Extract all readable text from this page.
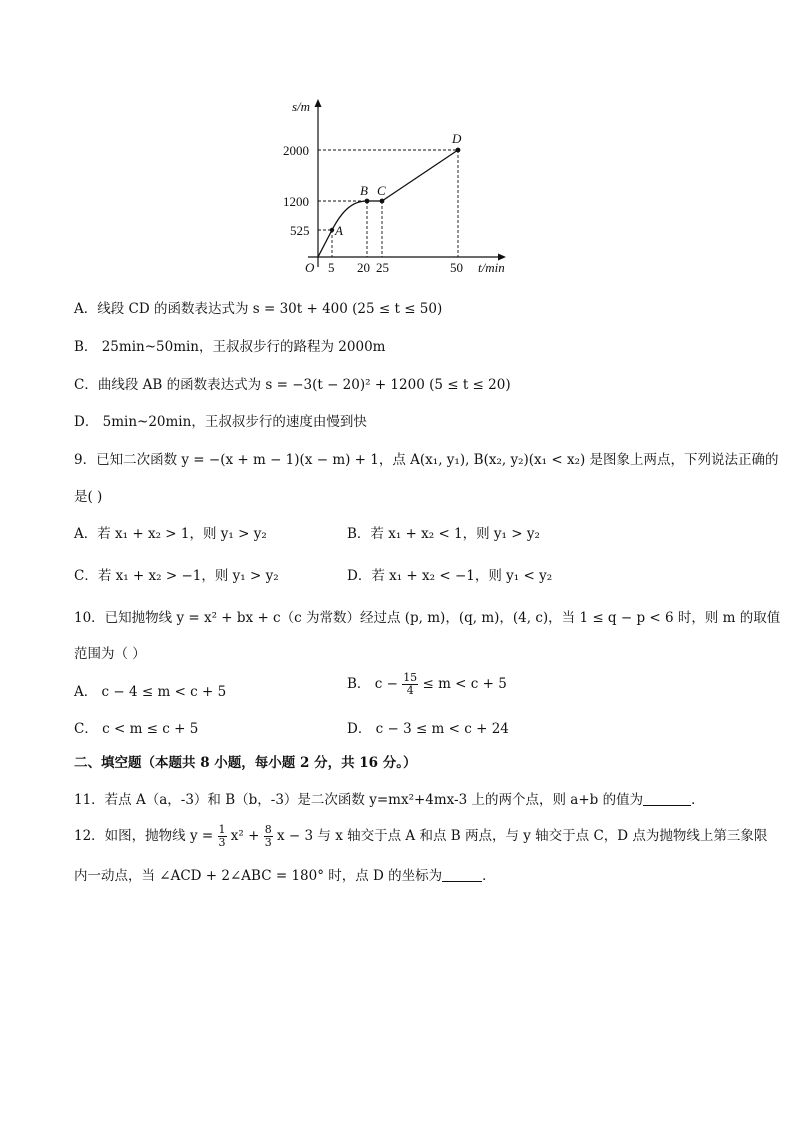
s/m
2000
1200
525
O 5 20 25	50 t/min
A
B C
D
A．线段 CD 的函数表达式为 s = 30t + 400 (25 ≤ t ≤ 50)
B． 25min~50min，王叔叔步行的路程为 2000m
C．曲线段 AB 的函数表达式为 s = −3(t − 20)² + 1200 (5 ≤ t ≤ 20)
D． 5min~20min，王叔叔步行的速度由慢到快
9．已知二次函数 y = −(x + m − 1)(x − m) + 1，点 A(x₁, y₁), B(x₂, y₂)(x₁ < x₂) 是图象上两点，下列说法正确的
是( )
A．若 x₁ + x₂ > 1，则 y₁ > y₂	B．若 x₁ + x₂ < 1，则 y₁ > y₂
C．若 x₁ + x₂ > −1，则 y₁ > y₂	D．若 x₁ + x₂ < −1，则 y₁ < y₂
10．已知抛物线 y = x² + bx + c（c 为常数）经过点 (p, m)，(q, m)，(4, c)，当 1 ≤ q − p < 6 时，则 m 的取值
范围为（ ）
A． c − 4 ≤ m < c + 5	B． $c - \frac{15}{4} \le m < c + 5$
C． c < m ≤ c + 5	D． c − 3 ≤ m < c + 24
二、填空题（本题共 8 小题，每小题 2 分，共 16 分。）
11．若点 A（a，-3）和 B（b，-3）是二次函数 y=mx²+4mx-3 上的两个点，则 a+b 的值为	．
12．如图，抛物线 $y = \frac{1}{3} x^2 + \frac{8}{3}$ x − 3 与 x 轴交于点 A 和点 B 两点，与 y 轴交于点 C，D 点为抛物线上第三象限
内一动点，当 ∠ACD + 2∠ABC = 180° 时，点 D 的坐标为	．
